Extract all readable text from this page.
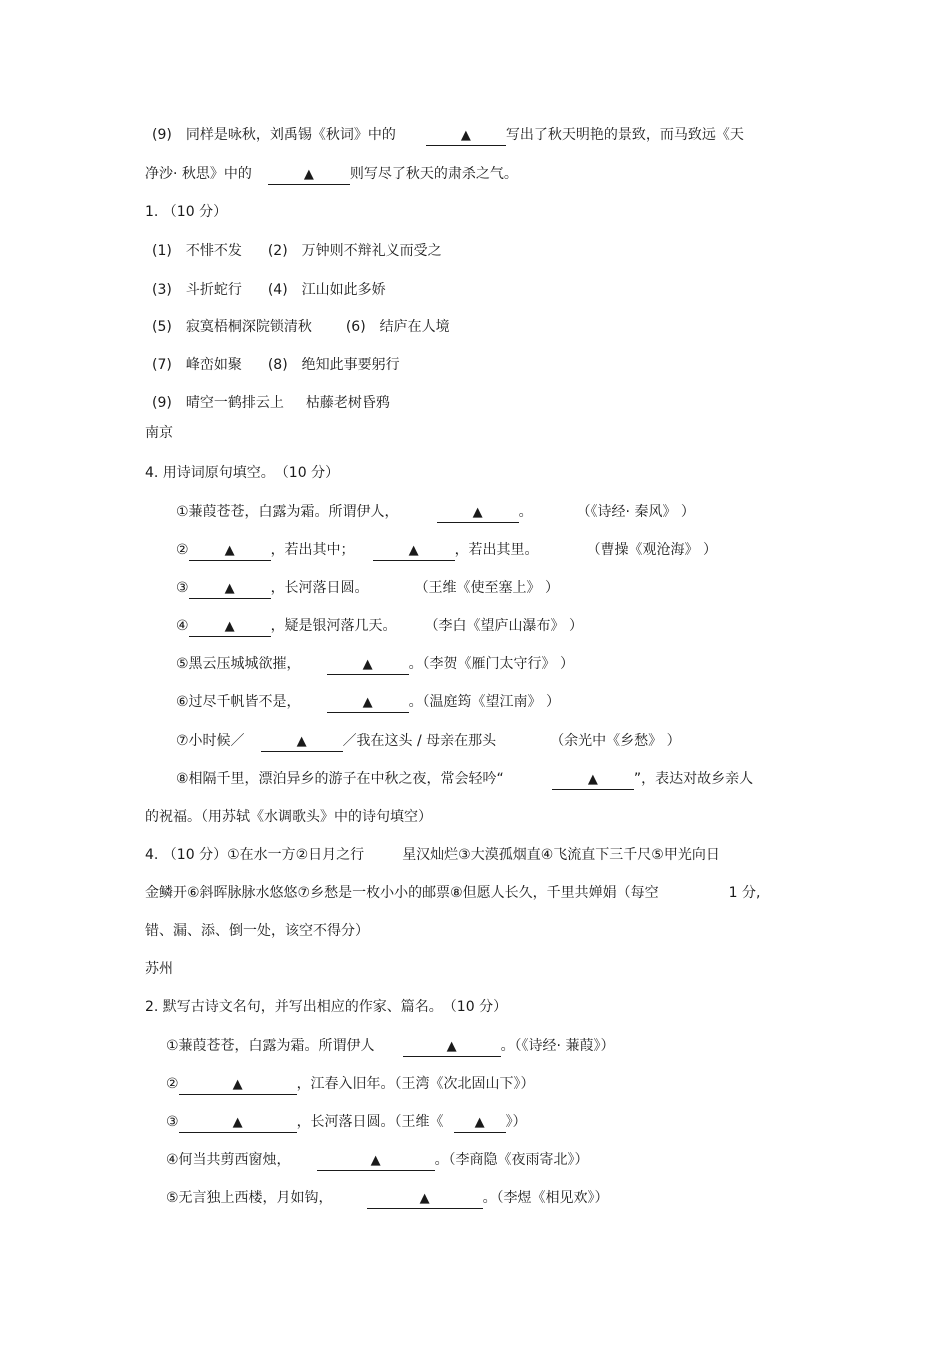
(9)　同样是咏秋，刘禹锡《秋词》中的	▲	写出了秋天明艳的景致，而马致远《天
净沙· 秋思》中的	▲	则写尽了秋天的肃杀之气。
1. （10 分）
(1)　不悱不发 (2)　万钟则不辩礼义而受之
(3)　斗折蛇行 (4)　江山如此多娇
(5)　寂寞梧桐深院锁清秋 (6)　结庐在人境
(7)　峰峦如聚 (8)　绝知此事要躬行
(9)　晴空一鹤排云上 枯藤老树昏鸦
南京
4. 用诗词原句填空。　（10 分）
①蒹葭苍苍，白露为霜。所谓伊人，	▲	。	（《诗经· 秦风》 ）
②	▲	，若出其中；	▲	，若出其里。	（曹操《观沧海》 ）
③	▲	，长河落日圆。	（王维《使至塞上》 ）
④	▲	，疑是银河落几天。 （李白《望庐山瀑布》 ）
⑤黑云压城城欲摧，	▲	。（李贺《雁门太守行》 ）
⑥过尽千帆皆不是，	▲	。（温庭筠《望江南》 ）
⑦小时候／	▲	／我在这头 / 母亲在那头	（余光中《乡愁》 ）
⑧相隔千里，漂泊异乡的游子在中秋之夜，常会轻吟“	▲	”，表达对故乡亲人
的祝福。（用苏轼《水调歌头》中的诗句填空）
4. （10 分）①在水一方②日月之行	星汉灿烂③大漠孤烟直④飞流直下三千尺⑤甲光向日
金鳞开⑥斜晖脉脉水悠悠⑦乡愁是一枚小小的邮票⑧但愿人长久，千里共婵娟（每空	1 分,
错、漏、添、倒一处，该空不得分）
苏州
2. 默写古诗文名句，并写出相应的作家、篇名。　（10 分）
①蒹葭苍苍，白露为霜。所谓伊人	▲	。（《诗经· 蒹葭》）
②	▲	，江春入旧年。（王湾《次北固山下》）
③	▲	，长河落日圆。（王维《 ▲ 》）
④何当共剪西窗烛，	▲	。（李商隐《夜雨寄北》）
⑤无言独上西楼，月如钩，	▲	。（李煜《相见欢》）
